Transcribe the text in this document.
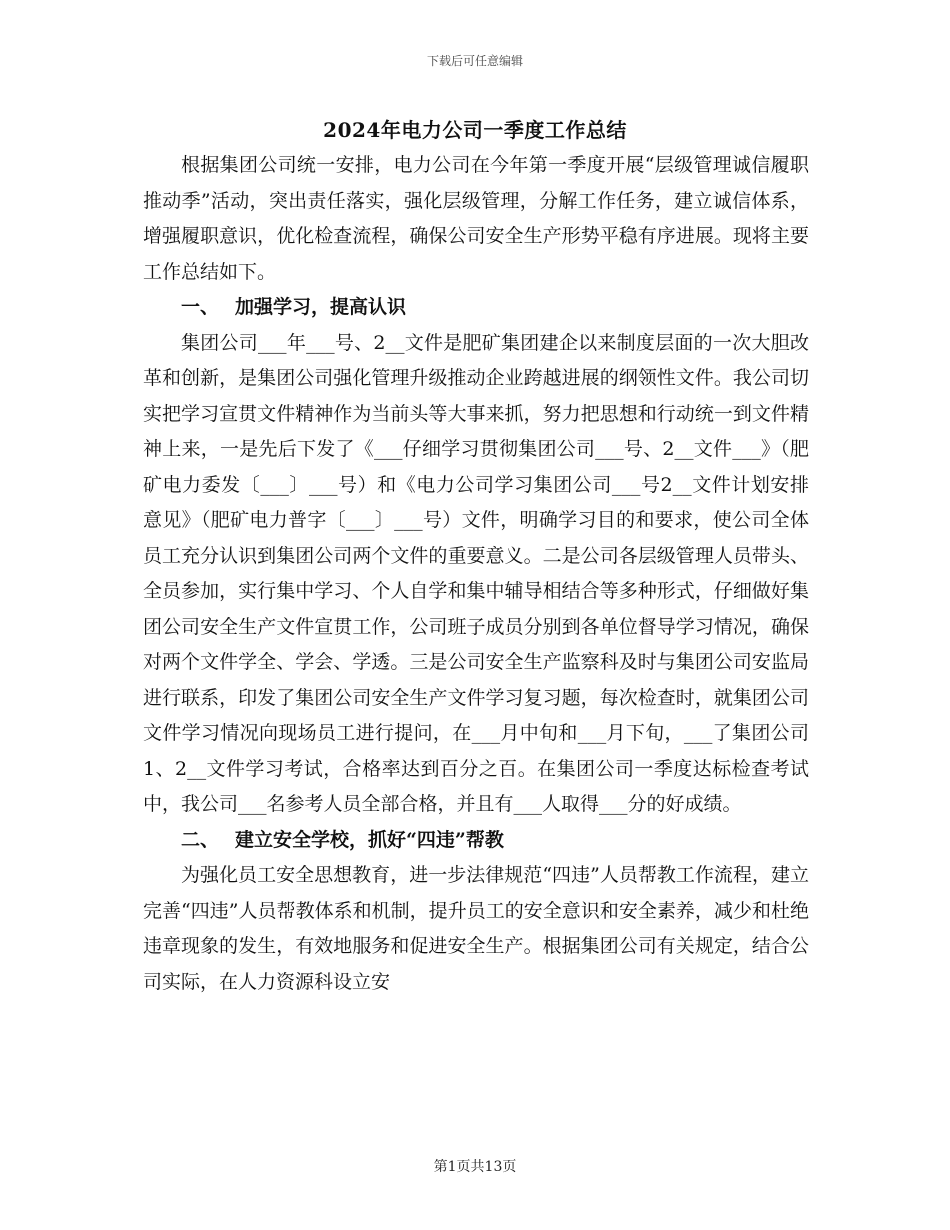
下载后可任意编辑
2024年电力公司一季度工作总结

根据集团公司统一安排，电力公司在今年第一季度开展“层级管理诚信履职推动季”活动，突出责任落实，强化层级管理，分解工作任务，建立诚信体系，增强履职意识，优化检查流程，确保公司安全生产形势平稳有序进展。现将主要工作总结如下。

一、 加强学习，提高认识

集团公司___年___号、2__文件是肥矿集团建企以来制度层面的一次大胆改革和创新，是集团公司强化管理升级推动企业跨越进展的纲领性文件。我公司切实把学习宣贯文件精神作为当前头等大事来抓，努力把思想和行动统一到文件精神上来，一是先后下发了《___仔细学习贯彻集团公司___号、2__文件___》（肥矿电力委发〔___〕___号）和《电力公司学习集团公司___号2__文件计划安排意见》（肥矿电力普字〔___〕___号）文件，明确学习目的和要求，使公司全体员工充分认识到集团公司两个文件的重要意义。二是公司各层级管理人员带头、全员参加，实行集中学习、个人自学和集中辅导相结合等多种形式，仔细做好集团公司安全生产文件宣贯工作，公司班子成员分别到各单位督导学习情况，确保对两个文件学全、学会、学透。三是公司安全生产监察科及时与集团公司安监局进行联系，印发了集团公司安全生产文件学习复习题，每次检查时，就集团公司文件学习情况向现场员工进行提问，在___月中旬和___月下旬，___了集团公司1、2__文件学习考试，合格率达到百分之百。在集团公司一季度达标检查考试中，我公司___名参考人员全部合格，并且有___人取得___分的好成绩。

二、 建立安全学校，抓好“四违”帮教

为强化员工安全思想教育，进一步法律规范“四违”人员帮教工作流程，建立完善“四违”人员帮教体系和机制，提升员工的安全意识和安全素养，减少和杜绝违章现象的发生，有效地服务和促进安全生产。根据集团公司有关规定，结合公司实际，在人力资源科设立安

第1页共13页
